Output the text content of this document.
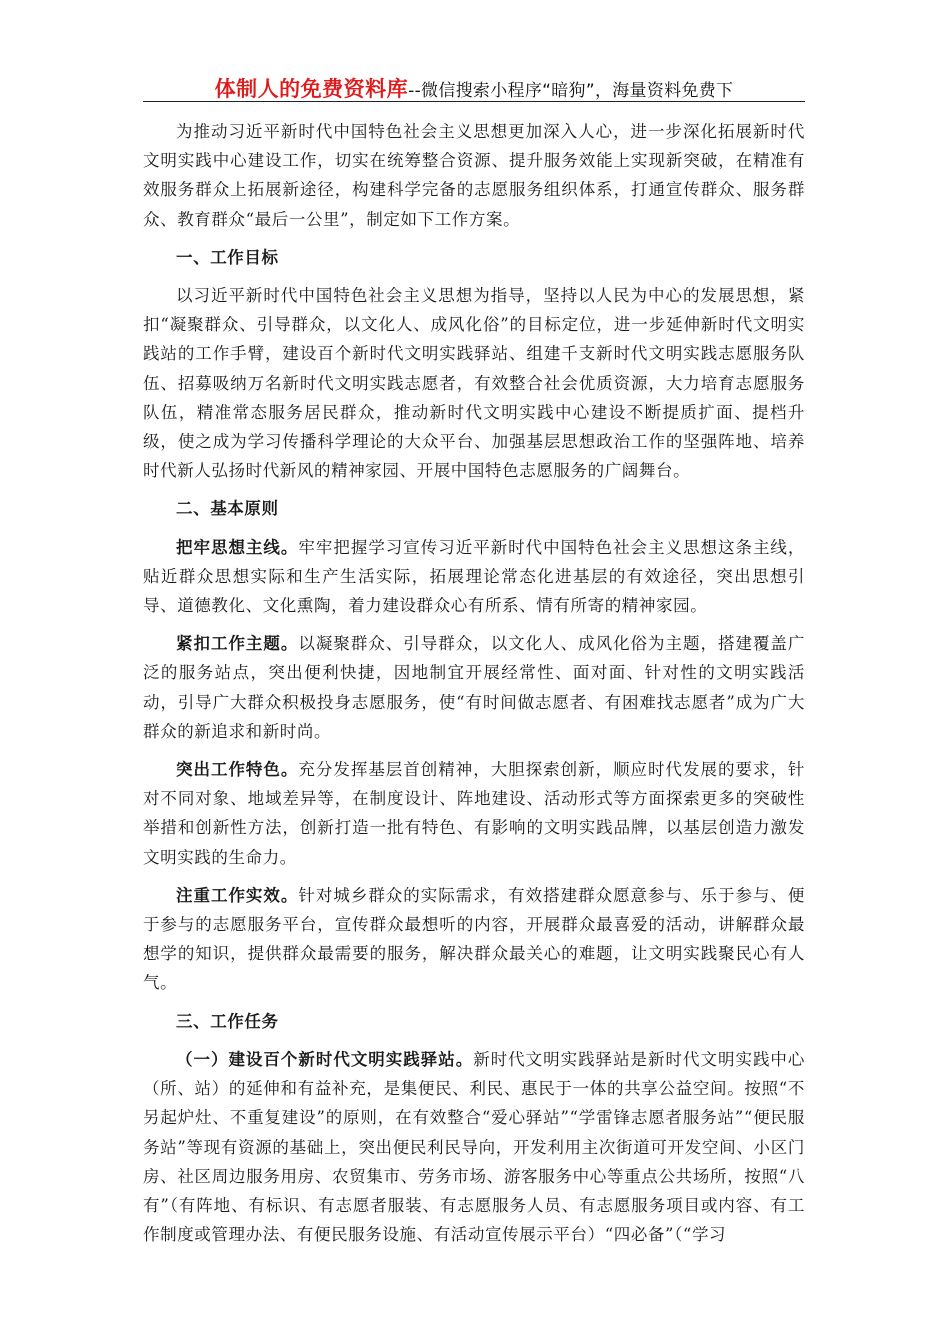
体制人的免费资料库 --微信搜索小程序“暗狗”，海量资料免费下

为推动习近平新时代中国特色社会主义思想更加深入人心，进一步深化拓展新时代文明实践中心建设工作，切实在统筹整合资源、提升服务效能上实现新突破，在精准有效服务群众上拓展新途径，构建科学完备的志愿服务组织体系，打通宣传群众、服务群众、教育群众“最后一公里”，制定如下工作方案。

一、工作目标

以习近平新时代中国特色社会主义思想为指导，坚持以人民为中心的发展思想，紧扣“凝聚群众、引导群众，以文化人、成风化俗”的目标定位，进一步延伸新时代文明实践站的工作手臂，建设百个新时代文明实践驿站、组建千支新时代文明实践志愿服务队伍、招募吸纳万名新时代文明实践志愿者，有效整合社会优质资源，大力培育志愿服务队伍，精准常态服务居民群众，推动新时代文明实践中心建设不断提质扩面、提档升级，使之成为学习传播科学理论的大众平台、加强基层思想政治工作的坚强阵地、培养时代新人弘扬时代新风的精神家园、开展中国特色志愿服务的广阔舞台。

二、基本原则

把牢思想主线。牢牢把握学习宣传习近平新时代中国特色社会主义思想这条主线，贴近群众思想实际和生产生活实际，拓展理论常态化进基层的有效途径，突出思想引导、道德教化、文化熏陶，着力建设群众心有所系、情有所寄的精神家园。

紧扣工作主题。以凝聚群众、引导群众，以文化人、成风化俗为主题，搭建覆盖广泛的服务站点，突出便利快捷，因地制宜开展经常性、面对面、针对性的文明实践活动，引导广大群众积极投身志愿服务，使“有时间做志愿者、有困难找志愿者”成为广大群众的新追求和新时尚。

突出工作特色。充分发挥基层首创精神，大胆探索创新，顺应时代发展的要求，针对不同对象、地域差异等，在制度设计、阵地建设、活动形式等方面探索更多的突破性举措和创新性方法，创新打造一批有特色、有影响的文明实践品牌，以基层创造力激发文明实践的生命力。

注重工作实效。针对城乡群众的实际需求，有效搭建群众愿意参与、乐于参与、便于参与的志愿服务平台，宣传群众最想听的内容，开展群众最喜爱的活动，讲解群众最想学的知识，提供群众最需要的服务，解决群众最关心的难题，让文明实践聚民心有人气。

三、工作任务

（一）建设百个新时代文明实践驿站。新时代文明实践驿站是新时代文明实践中心（所、站）的延伸和有益补充，是集便民、利民、惠民于一体的共享公益空间。按照“不另起炉灶、不重复建设”的原则，在有效整合“爱心驿站”“学雷锋志愿者服务站”“便民服务站”等现有资源的基础上，突出便民利民导向，开发利用主次街道可开发空间、小区门房、社区周边服务用房、农贸集市、劳务市场、游客服务中心等重点公共场所，按照“八有”（有阵地、有标识、有志愿者服装、有志愿服务人员、有志愿服务项目或内容、有工作制度或管理办法、有便民服务设施、有活动宣传展示平台）“四必备”（“学习
